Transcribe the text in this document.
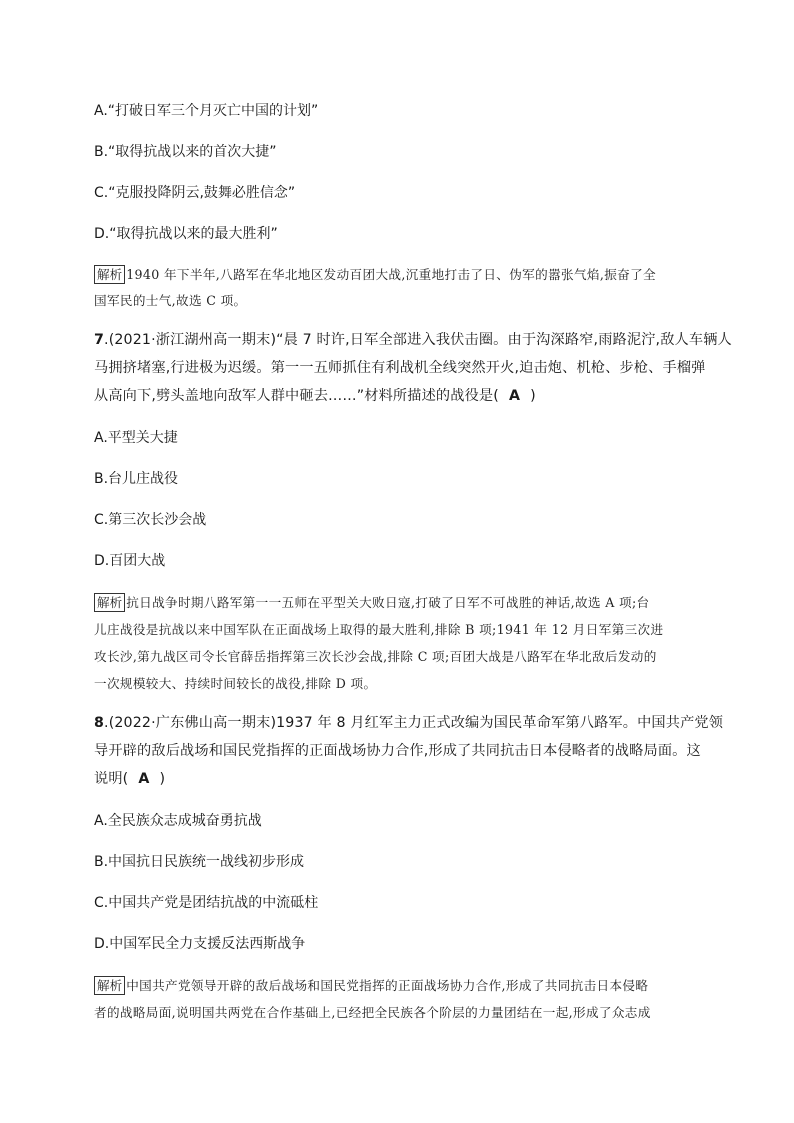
A.“打破日军三个月灭亡中国的计划”
B.“取得抗战以来的首次大捷”
C.“克服投降阴云,鼓舞必胜信念”
D.“取得抗战以来的最大胜利”
解析 1940 年下半年,八路军在华北地区发动百团大战,沉重地打击了日、伪军的嚣张气焰,振奋了全
国军民的士气,故选 C 项。
7.(2021·浙江湖州高一期末)“晨 7 时许,日军全部进入我伏击圈。由于沟深路窄,雨路泥泞,敌人车辆人
马拥挤堵塞,行进极为迟缓。第一一五师抓住有利战机全线突然开火,迫击炮、机枪、步枪、手榴弹
从高向下,劈头盖地向敌军人群中砸去……”材料所描述的战役是( A )
A.平型关大捷
B.台儿庄战役
C.第三次长沙会战
D.百团大战
解析 抗日战争时期八路军第一一五师在平型关大败日寇,打破了日军不可战胜的神话,故选 A 项;台
儿庄战役是抗战以来中国军队在正面战场上取得的最大胜利,排除 B 项;1941 年 12 月日军第三次进
攻长沙,第九战区司令长官薛岳指挥第三次长沙会战,排除 C 项;百团大战是八路军在华北敌后发动的
一次规模较大、持续时间较长的战役,排除 D 项。
8.(2022·广东佛山高一期末)1937 年 8 月红军主力正式改编为国民革命军第八路军。中国共产党领
导开辟的敌后战场和国民党指挥的正面战场协力合作,形成了共同抗击日本侵略者的战略局面。这
说明( A )
A.全民族众志成城奋勇抗战
B.中国抗日民族统一战线初步形成
C.中国共产党是团结抗战的中流砥柱
D.中国军民全力支援反法西斯战争
解析 中国共产党领导开辟的敌后战场和国民党指挥的正面战场协力合作,形成了共同抗击日本侵略
者的战略局面,说明国共两党在合作基础上,已经把全民族各个阶层的力量团结在一起,形成了众志成
